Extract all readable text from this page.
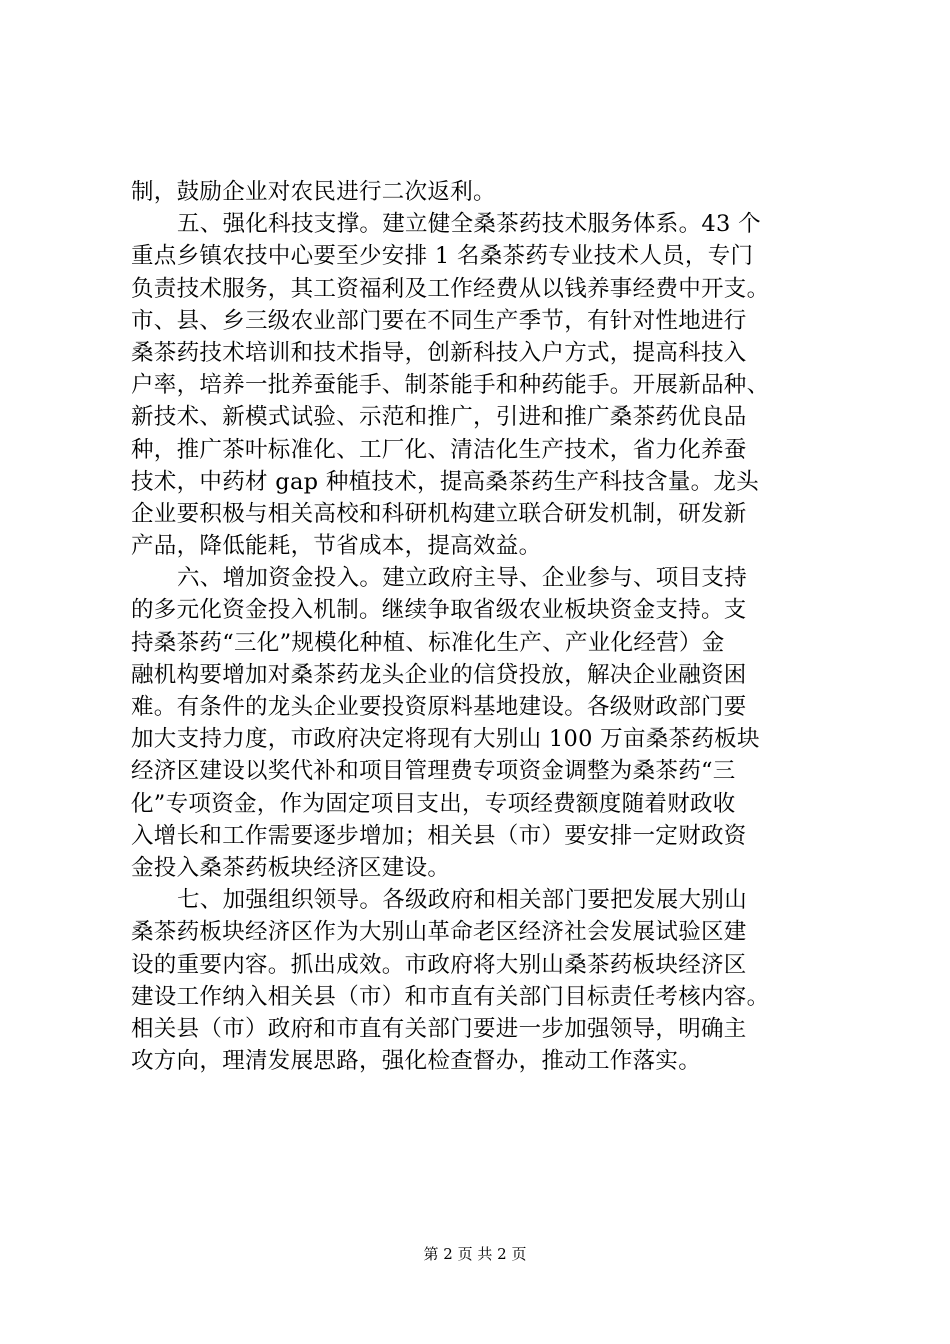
制，鼓励企业对农民进行二次返利。
五、强化科技支撑。建立健全桑茶药技术服务体系。43 个
重点乡镇农技中心要至少安排 1 名桑茶药专业技术人员，专门
负责技术服务，其工资福利及工作经费从以钱养事经费中开支。
市、县、乡三级农业部门要在不同生产季节，有针对性地进行
桑茶药技术培训和技术指导，创新科技入户方式，提高科技入
户率，培养一批养蚕能手、制茶能手和种药能手。开展新品种、
新技术、新模式试验、示范和推广，引进和推广桑茶药优良品
种，推广茶叶标准化、工厂化、清洁化生产技术，省力化养蚕
技术，中药材 gap 种植技术，提高桑茶药生产科技含量。龙头
企业要积极与相关高校和科研机构建立联合研发机制，研发新
产品，降低能耗，节省成本，提高效益。
六、增加资金投入。建立政府主导、企业参与、项目支持
的多元化资金投入机制。继续争取省级农业板块资金支持。支
持桑茶药“三化”规模化种植、标准化生产、产业化经营）金
融机构要增加对桑茶药龙头企业的信贷投放，解决企业融资困
难。有条件的龙头企业要投资原料基地建设。各级财政部门要
加大支持力度，市政府决定将现有大别山 100 万亩桑茶药板块
经济区建设以奖代补和项目管理费专项资金调整为桑茶药“三
化”专项资金，作为固定项目支出，专项经费额度随着财政收
入增长和工作需要逐步增加；相关县（市）要安排一定财政资
金投入桑茶药板块经济区建设。
七、加强组织领导。各级政府和相关部门要把发展大别山
桑茶药板块经济区作为大别山革命老区经济社会发展试验区建
设的重要内容。抓出成效。市政府将大别山桑茶药板块经济区
建设工作纳入相关县（市）和市直有关部门目标责任考核内容。
相关县（市）政府和市直有关部门要进一步加强领导，明确主
攻方向，理清发展思路，强化检查督办，推动工作落实。
第 2 页 共 2 页
